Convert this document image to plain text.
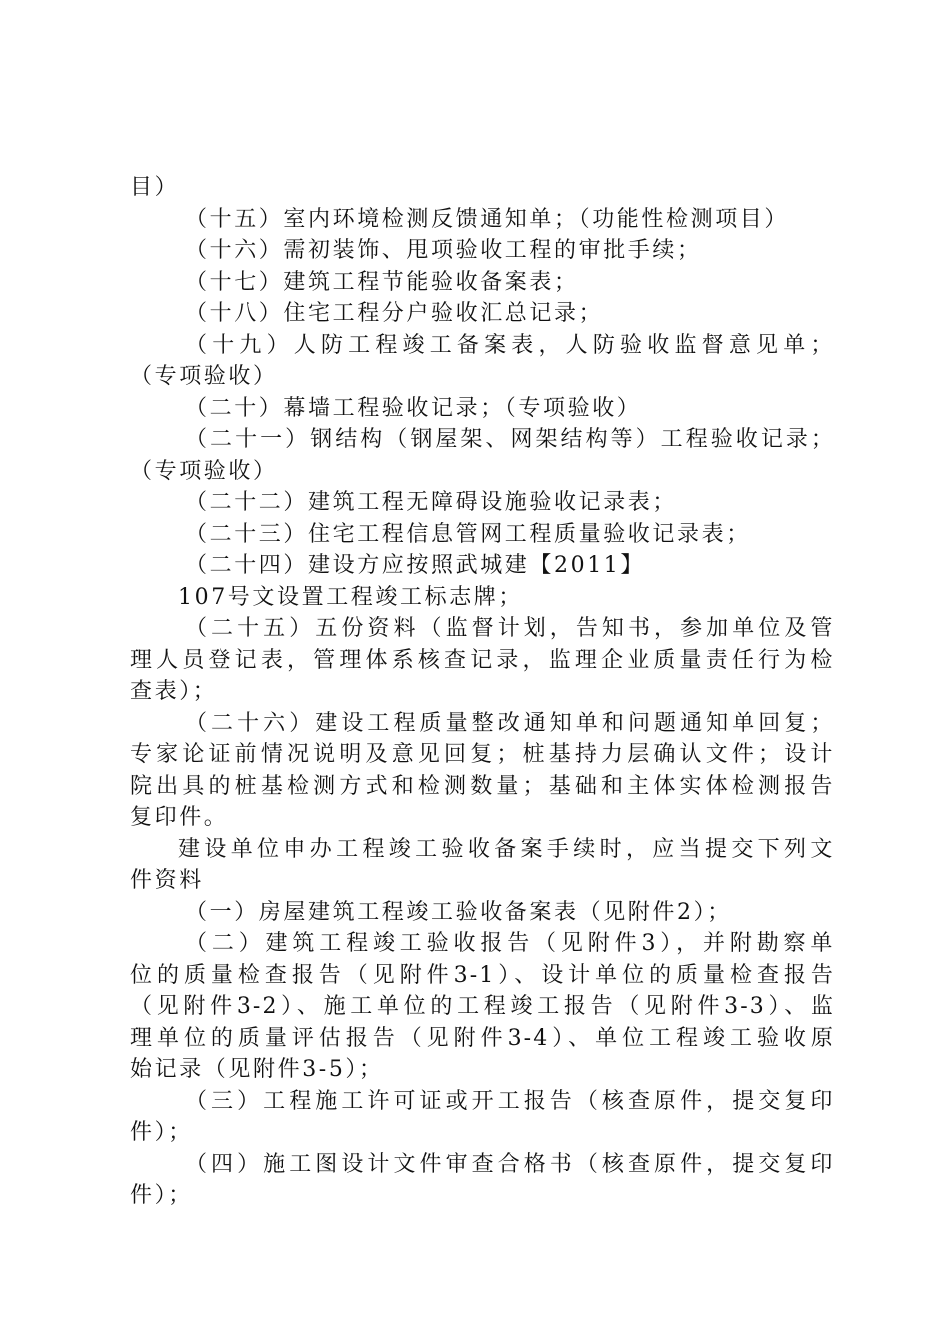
目）
（十五）室内环境检测反馈通知单；（功能性检测项目）
（十六）需初装饰、甩项验收工程的审批手续；
（十七）建筑工程节能验收备案表；
（十八）住宅工程分户验收汇总记录；
（十九）人防工程竣工备案表，人防验收监督意见单；
（专项验收）
（二十）幕墙工程验收记录；（专项验收）
（二十一）钢结构（钢屋架、网架结构等）工程验收记录；
（专项验收）
（二十二）建筑工程无障碍设施验收记录表；
（二十三）住宅工程信息管网工程质量验收记录表；
（二十四）建设方应按照武城建【2011】
107号文设置工程竣工标志牌；
（二十五）五份资料（监督计划，告知书，参加单位及管
理人员登记表，管理体系核查记录，监理企业质量责任行为检
查表）；
（二十六）建设工程质量整改通知单和问题通知单回复；
专家论证前情况说明及意见回复；桩基持力层确认文件；设计
院出具的桩基检测方式和检测数量；基础和主体实体检测报告
复印件。
建设单位申办工程竣工验收备案手续时，应当提交下列文
件资料
（一）房屋建筑工程竣工验收备案表（见附件2）；
（二）建筑工程竣工验收报告（见附件3），并附勘察单
位的质量检查报告（见附件3-1）、设计单位的质量检查报告
（见附件3-2）、施工单位的工程竣工报告（见附件3-3）、监
理单位的质量评估报告（见附件3-4）、单位工程竣工验收原
始记录（见附件3-5）；
（三）工程施工许可证或开工报告（核查原件，提交复印
件）；
（四）施工图设计文件审查合格书（核查原件，提交复印
件）；
